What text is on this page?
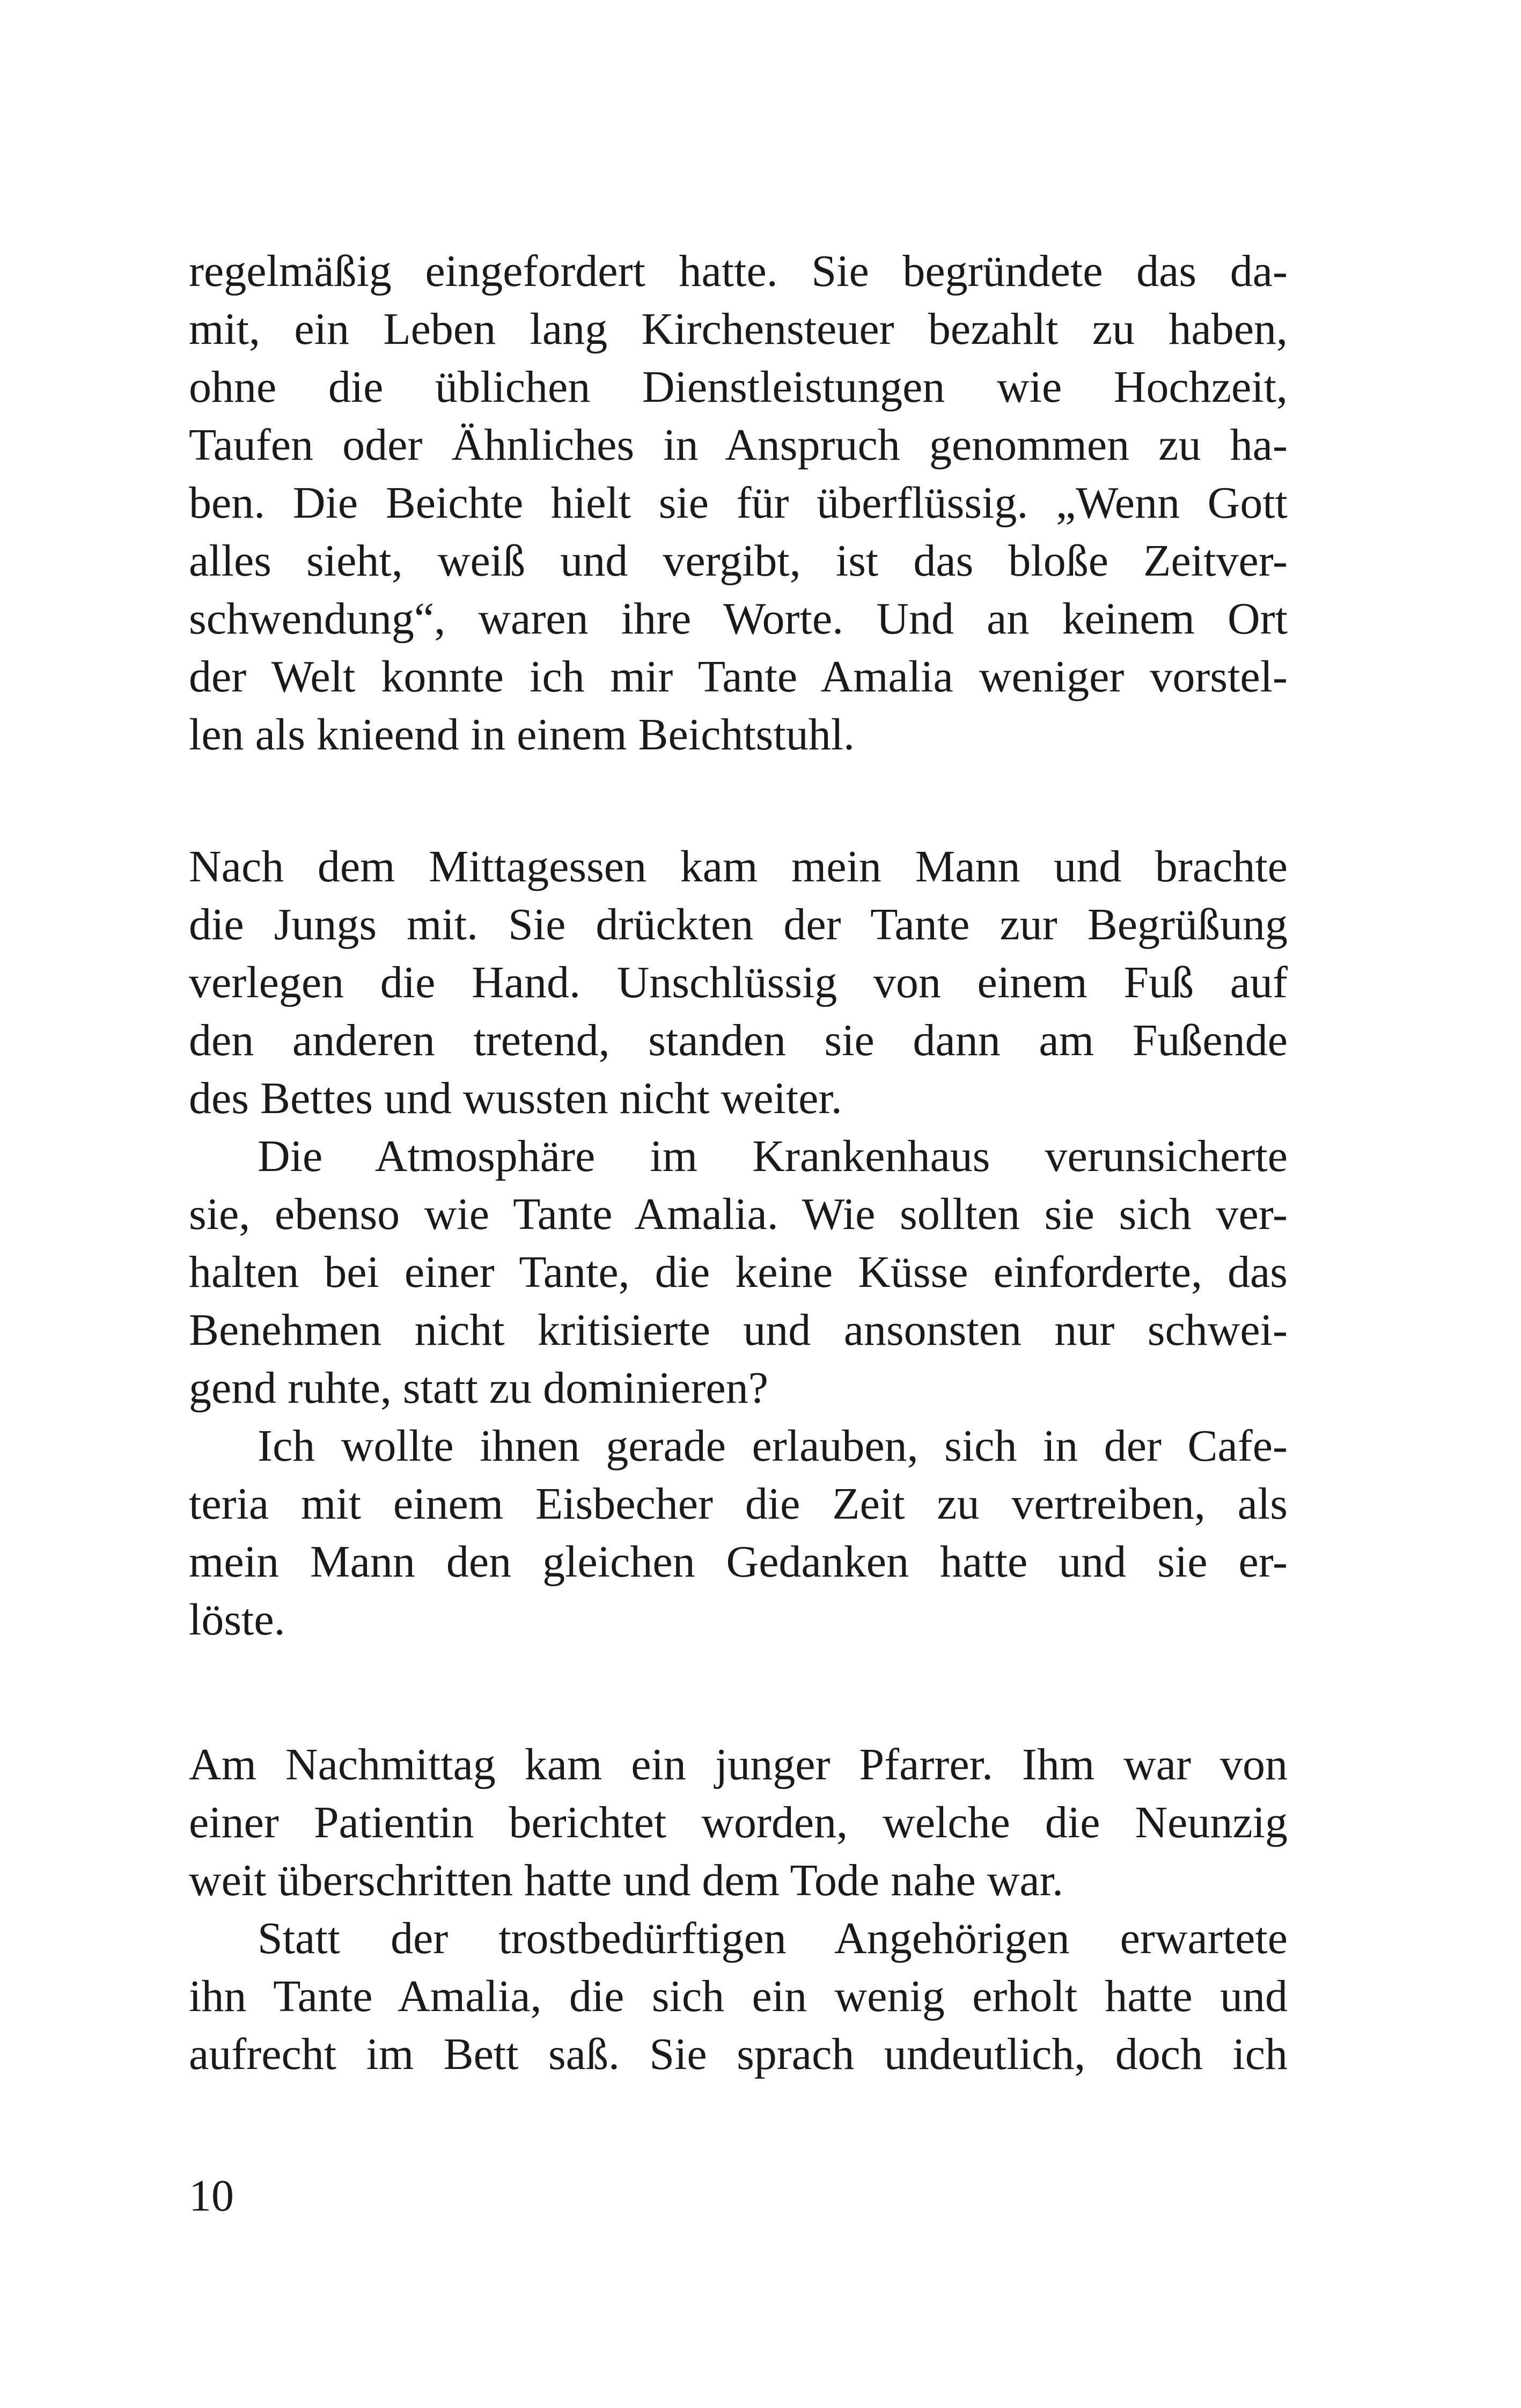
regelmäßig eingefordert hatte. Sie begründete das da-
mit, ein Leben lang Kirchensteuer bezahlt zu haben,
ohne die üblichen Dienstleistungen wie Hochzeit,
Taufen oder Ähnliches in Anspruch genommen zu ha-
ben. Die Beichte hielt sie für überflüssig. „Wenn Gott
alles sieht, weiß und vergibt, ist das bloße Zeitver-
schwendung“, waren ihre Worte. Und an keinem Ort
der Welt konnte ich mir Tante Amalia weniger vorstel-
len als knieend in einem Beichtstuhl.
Nach dem Mittagessen kam mein Mann und brachte
die Jungs mit. Sie drückten der Tante zur Begrüßung
verlegen die Hand. Unschlüssig von einem Fuß auf
den anderen tretend, standen sie dann am Fußende
des Bettes und wussten nicht weiter.
Die Atmosphäre im Krankenhaus verunsicherte
sie, ebenso wie Tante Amalia. Wie sollten sie sich ver-
halten bei einer Tante, die keine Küsse einforderte, das
Benehmen nicht kritisierte und ansonsten nur schwei-
gend ruhte, statt zu dominieren?
Ich wollte ihnen gerade erlauben, sich in der Cafe-
teria mit einem Eisbecher die Zeit zu vertreiben, als
mein Mann den gleichen Gedanken hatte und sie er-
löste.
Am Nachmittag kam ein junger Pfarrer. Ihm war von
einer Patientin berichtet worden, welche die Neunzig
weit überschritten hatte und dem Tode nahe war.
Statt der trostbedürftigen Angehörigen erwartete
ihn Tante Amalia, die sich ein wenig erholt hatte und
aufrecht im Bett saß. Sie sprach undeutlich, doch ich
10
